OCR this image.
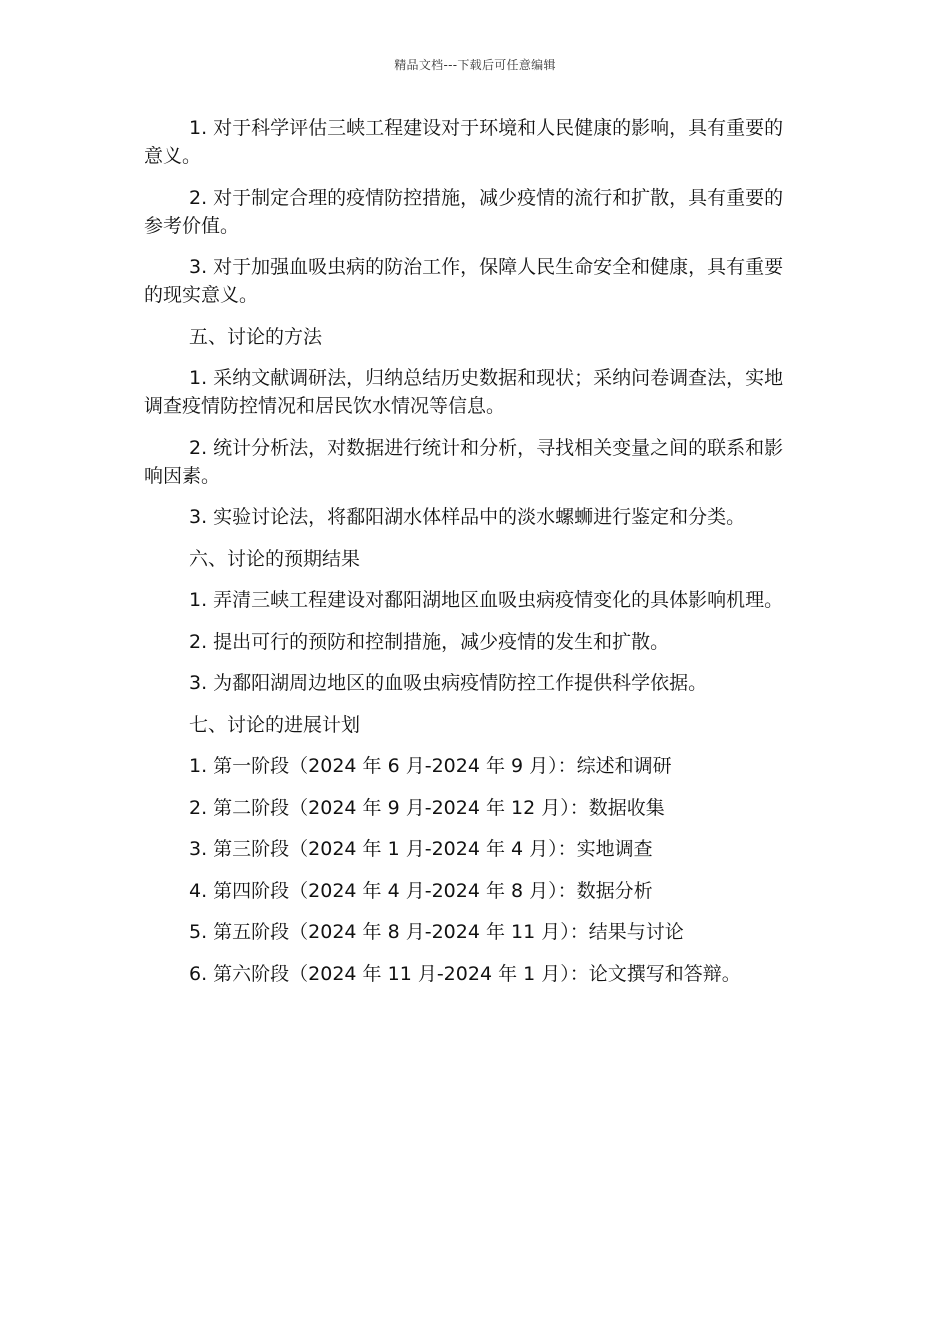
精品文档---下载后可任意编辑

1. 对于科学评估三峡工程建设对于环境和人民健康的影响，具有重要的意义。

2. 对于制定合理的疫情防控措施，减少疫情的流行和扩散，具有重要的参考价值。

3. 对于加强血吸虫病的防治工作，保障人民生命安全和健康，具有重要的现实意义。

五、讨论的方法

1. 采纳文献调研法，归纳总结历史数据和现状；采纳问卷调查法，实地调查疫情防控情况和居民饮水情况等信息。

2. 统计分析法，对数据进行统计和分析，寻找相关变量之间的联系和影响因素。

3. 实验讨论法，将鄱阳湖水体样品中的淡水螺蛳进行鉴定和分类。

六、讨论的预期结果

1. 弄清三峡工程建设对鄱阳湖地区血吸虫病疫情变化的具体影响机理。

2. 提出可行的预防和控制措施，减少疫情的发生和扩散。

3. 为鄱阳湖周边地区的血吸虫病疫情防控工作提供科学依据。

七、讨论的进展计划

1. 第一阶段（2024 年 6 月-2024 年 9 月）：综述和调研

2. 第二阶段（2024 年 9 月-2024 年 12 月）：数据收集

3. 第三阶段（2024 年 1 月-2024 年 4 月）：实地调查

4. 第四阶段（2024 年 4 月-2024 年 8 月）：数据分析

5. 第五阶段（2024 年 8 月-2024 年 11 月）：结果与讨论

6. 第六阶段（2024 年 11 月-2024 年 1 月）：论文撰写和答辩。
